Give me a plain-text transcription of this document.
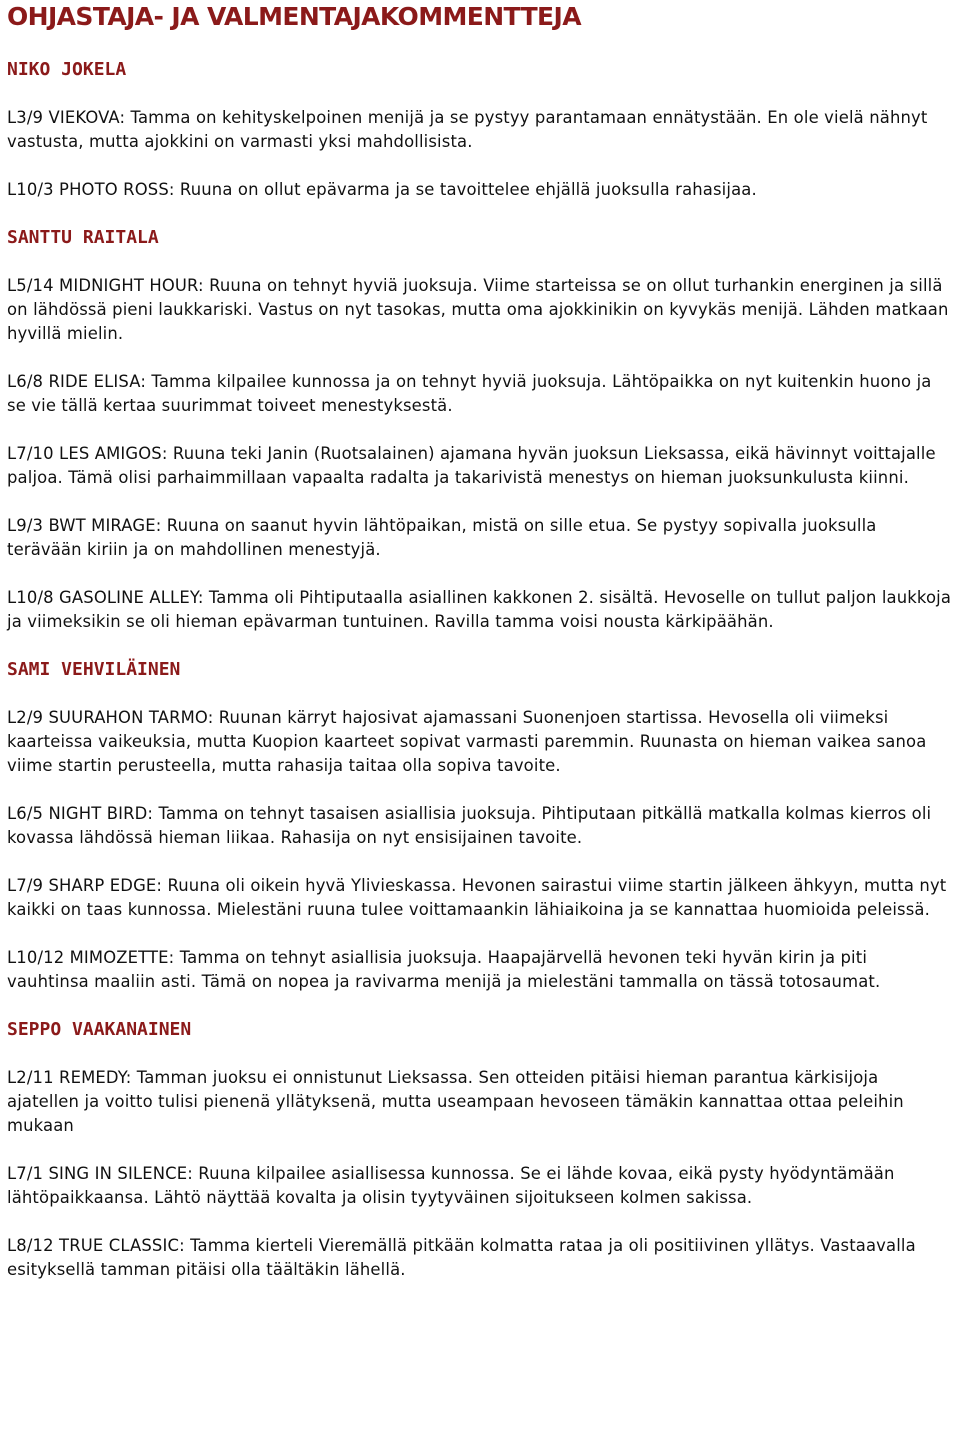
OHJASTAJA- JA VALMENTAJAKOMMENTTEJA
NIKO JOKELA

L3/9 VIEKOVA: Tamma on kehityskelpoinen menijä ja se pystyy parantamaan ennätystään. En ole vielä nähnyt vastusta, mutta ajokkini on varmasti yksi mahdollisista.

L10/3 PHOTO ROSS: Ruuna on ollut epävarma ja se tavoittelee ehjällä juoksulla rahasijaa.

SANTTU RAITALA

L5/14 MIDNIGHT HOUR: Ruuna on tehnyt hyviä juoksuja. Viime starteissa se on ollut turhankin energinen ja sillä on lähdössä pieni laukkariski. Vastus on nyt tasokas, mutta oma ajokkinikin on kyvykäs menijä. Lähden matkaan hyvillä mielin.

L6/8 RIDE ELISA: Tamma kilpailee kunnossa ja on tehnyt hyviä juoksuja. Lähtöpaikka on nyt kuitenkin huono ja se vie tällä kertaa suurimmat toiveet menestyksestä.

L7/10 LES AMIGOS: Ruuna teki Janin (Ruotsalainen) ajamana hyvän juoksun Lieksassa, eikä hävinnyt voittajalle paljoa. Tämä olisi parhaimmillaan vapaalta radalta ja takarivistä menestys on hieman juoksunkulusta kiinni.

L9/3 BWT MIRAGE: Ruuna on saanut hyvin lähtöpaikan, mistä on sille etua. Se pystyy sopivalla juoksulla terävään kiriin ja on mahdollinen menestyjä.

L10/8 GASOLINE ALLEY: Tamma oli Pihtiputaalla asiallinen kakkonen 2. sisältä. Hevoselle on tullut paljon laukkoja ja viimeksikin se oli hieman epävarman tuntuinen. Ravilla tamma voisi nousta kärkipäähän.

SAMI VEHVILÄINEN

L2/9 SUURAHON TARMO: Ruunan kärryt hajosivat ajamassani Suonenjoen startissa. Hevosella oli viimeksi kaarteissa vaikeuksia, mutta Kuopion kaarteet sopivat varmasti paremmin. Ruunasta on hieman vaikea sanoa viime startin perusteella, mutta rahasija taitaa olla sopiva tavoite.

L6/5 NIGHT BIRD: Tamma on tehnyt tasaisen asiallisia juoksuja. Pihtiputaan pitkällä matkalla kolmas kierros oli kovassa lähdössä hieman liikaa. Rahasija on nyt ensisijainen tavoite.

L7/9 SHARP EDGE: Ruuna oli oikein hyvä Ylivieskassa. Hevonen sairastui viime startin jälkeen ähkyyn, mutta nyt kaikki on taas kunnossa. Mielestäni ruuna tulee voittamaankin lähiaikoina ja se kannattaa huomioida peleissä.

L10/12 MIMOZETTE: Tamma on tehnyt asiallisia juoksuja. Haapajärvellä hevonen teki hyvän kirin ja piti vauhtinsa maaliin asti. Tämä on nopea ja ravivarma menijä ja mielestäni tammalla on tässä totosaumat.

SEPPO VAAKANAINEN

L2/11 REMEDY: Tamman juoksu ei onnistunut Lieksassa. Sen otteiden pitäisi hieman parantua kärkisijoja ajatellen ja voitto tulisi pienenä yllätyksenä, mutta useampaan hevoseen tämäkin kannattaa ottaa peleihin mukaan

L7/1 SING IN SILENCE: Ruuna kilpailee asiallisessa kunnossa. Se ei lähde kovaa, eikä pysty hyödyntämään lähtöpaikkaansa. Lähtö näyttää kovalta ja olisin tyytyväinen sijoitukseen kolmen sakissa.

L8/12 TRUE CLASSIC: Tamma kierteli Vieremällä pitkään kolmatta rataa ja oli positiivinen yllätys. Vastaavalla esityksellä tamman pitäisi olla täältäkin lähellä.
